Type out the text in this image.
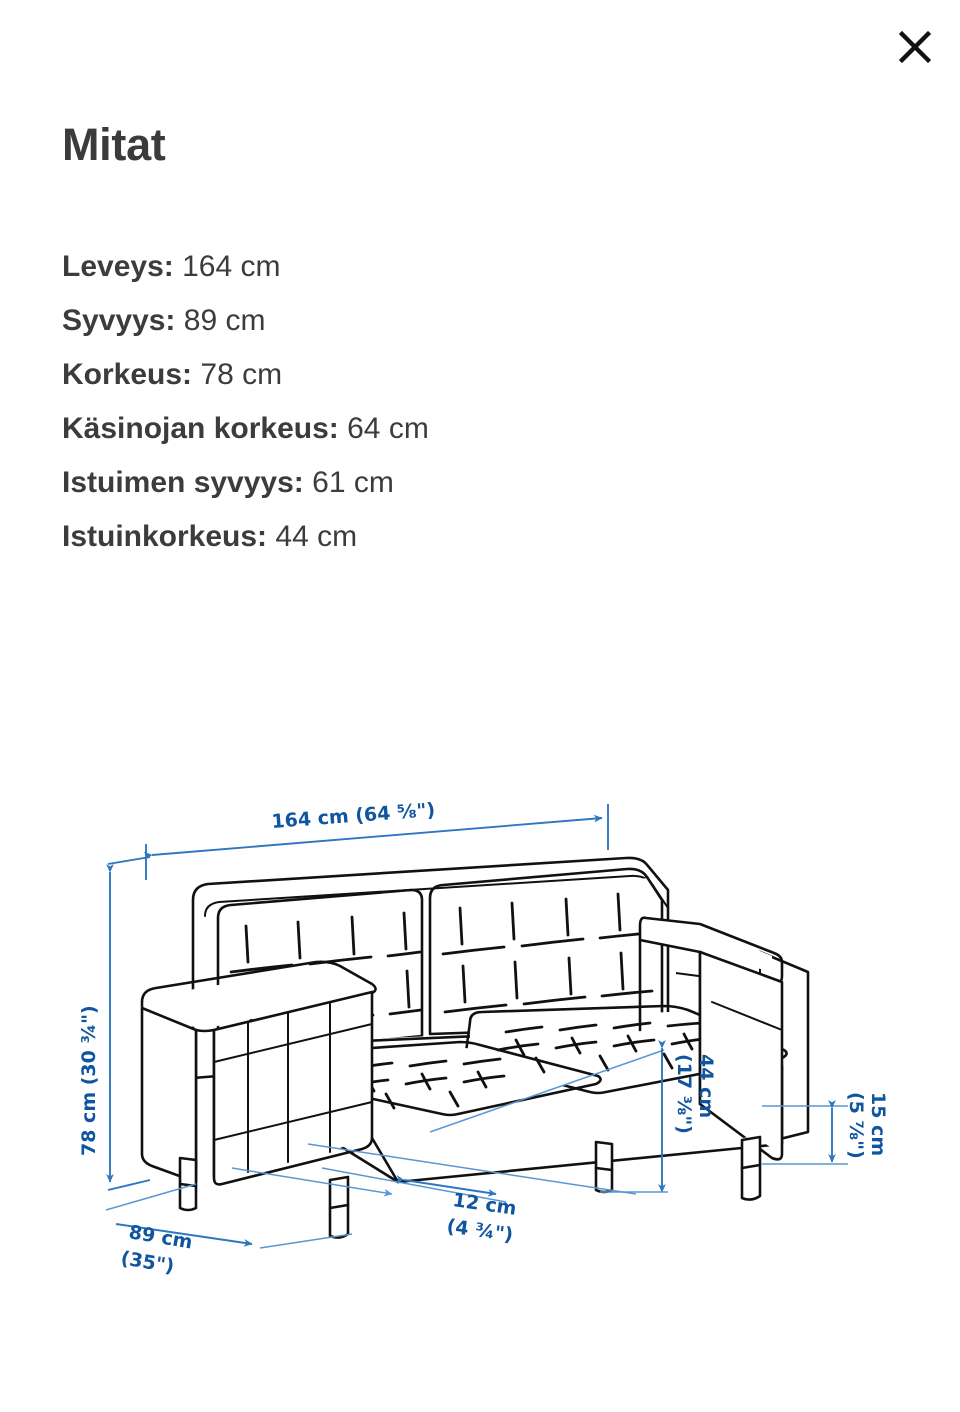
Mitat
Leveys: 164 cm
Syvyys: 89 cm
Korkeus: 78 cm
Käsinojan korkeus: 64 cm
Istuimen syvyys: 61 cm
Istuinkorkeus: 44 cm
164 cm (64 ⅝")
78 cm (30 ¾")
89 cm
(35")
12 cm
(4 ¾")
44 cm
(17 ⅜")	15 cm
(5 ⅞")
